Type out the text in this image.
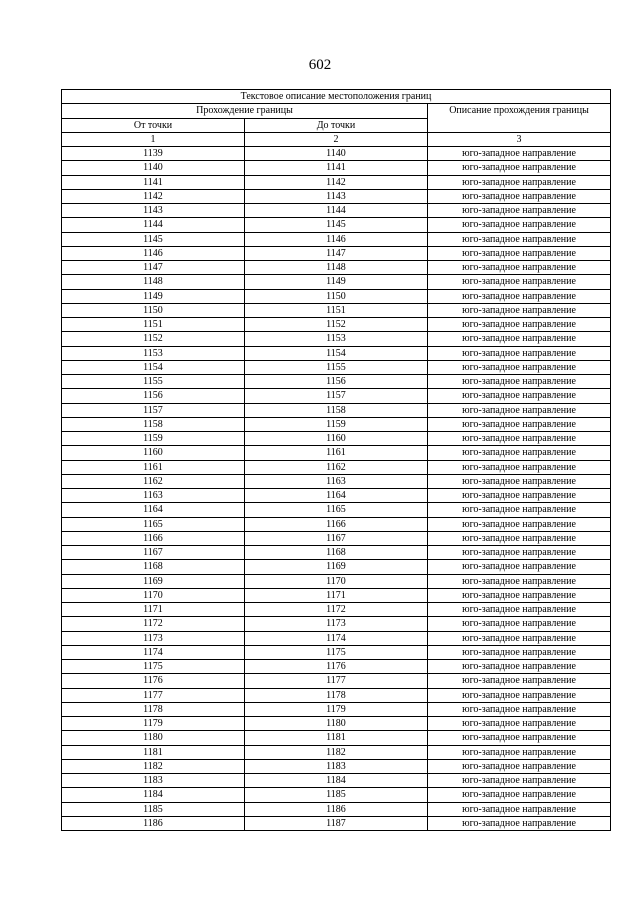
602
Текстовое описание местоположения границ		
Прохождение границы		Описание прохождения границы
От точки	До точки	
1	2	3
1139	1140	юго-западное направление
1140	1141	юго-западное направление
1141	1142	юго-западное направление
1142	1143	юго-западное направление
1143	1144	юго-западное направление
1144	1145	юго-западное направление
1145	1146	юго-западное направление
1146	1147	юго-западное направление
1147	1148	юго-западное направление
1148	1149	юго-западное направление
1149	1150	юго-западное направление
1150	1151	юго-западное направление
1151	1152	юго-западное направление
1152	1153	юго-западное направление
1153	1154	юго-западное направление
1154	1155	юго-западное направление
1155	1156	юго-западное направление
1156	1157	юго-западное направление
1157	1158	юго-западное направление
1158	1159	юго-западное направление
1159	1160	юго-западное направление
1160	1161	юго-западное направление
1161	1162	юго-западное направление
1162	1163	юго-западное направление
1163	1164	юго-западное направление
1164	1165	юго-западное направление
1165	1166	юго-западное направление
1166	1167	юго-западное направление
1167	1168	юго-западное направление
1168	1169	юго-западное направление
1169	1170	юго-западное направление
1170	1171	юго-западное направление
1171	1172	юго-западное направление
1172	1173	юго-западное направление
1173	1174	юго-западное направление
1174	1175	юго-западное направление
1175	1176	юго-западное направление
1176	1177	юго-западное направление
1177	1178	юго-западное направление
1178	1179	юго-западное направление
1179	1180	юго-западное направление
1180	1181	юго-западное направление
1181	1182	юго-западное направление
1182	1183	юго-западное направление
1183	1184	юго-западное направление
1184	1185	юго-западное направление
1185	1186	юго-западное направление
1186	1187	юго-западное направление
